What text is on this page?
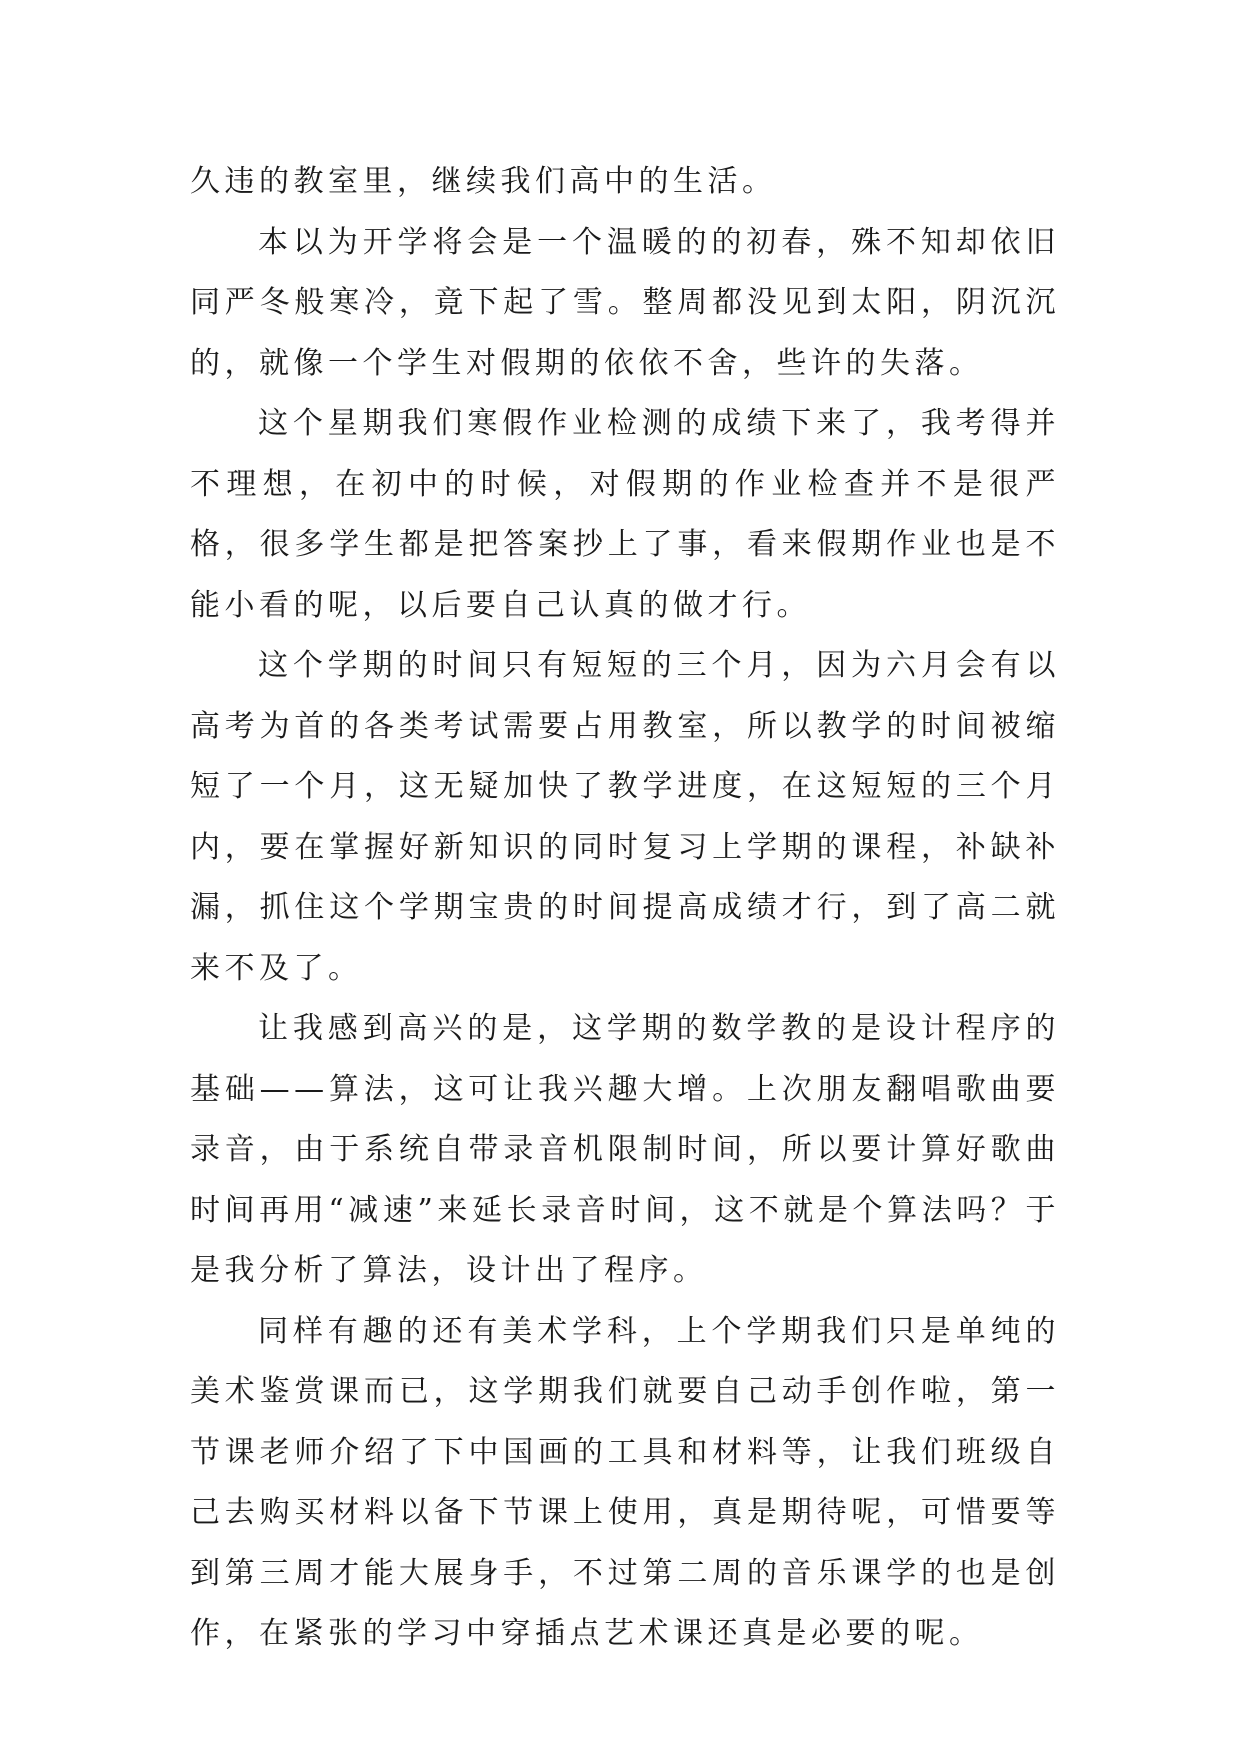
久违的教室里，继续我们高中的生活。

本以为开学将会是一个温暖的的初春，殊不知却依旧同严冬般寒冷，竟下起了雪。整周都没见到太阳，阴沉沉的，就像一个学生对假期的依依不舍，些许的失落。

这个星期我们寒假作业检测的成绩下来了，我考得并不理想，在初中的时候，对假期的作业检查并不是很严格，很多学生都是把答案抄上了事，看来假期作业也是不能小看的呢，以后要自己认真的做才行。

这个学期的时间只有短短的三个月，因为六月会有以高考为首的各类考试需要占用教室，所以教学的时间被缩短了一个月，这无疑加快了教学进度，在这短短的三个月内，要在掌握好新知识的同时复习上学期的课程，补缺补漏，抓住这个学期宝贵的时间提高成绩才行，到了高二就来不及了。

让我感到高兴的是，这学期的数学教的是设计程序的基础——算法，这可让我兴趣大增。上次朋友翻唱歌曲要录音，由于系统自带录音机限制时间，所以要计算好歌曲时间再用“减速”来延长录音时间，这不就是个算法吗？于是我分析了算法，设计出了程序。

同样有趣的还有美术学科，上个学期我们只是单纯的美术鉴赏课而已，这学期我们就要自己动手创作啦，第一节课老师介绍了下中国画的工具和材料等，让我们班级自己去购买材料以备下节课上使用，真是期待呢，可惜要等到第三周才能大展身手，不过第二周的音乐课学的也是创作，在紧张的学习中穿插点艺术课还真是必要的呢。
